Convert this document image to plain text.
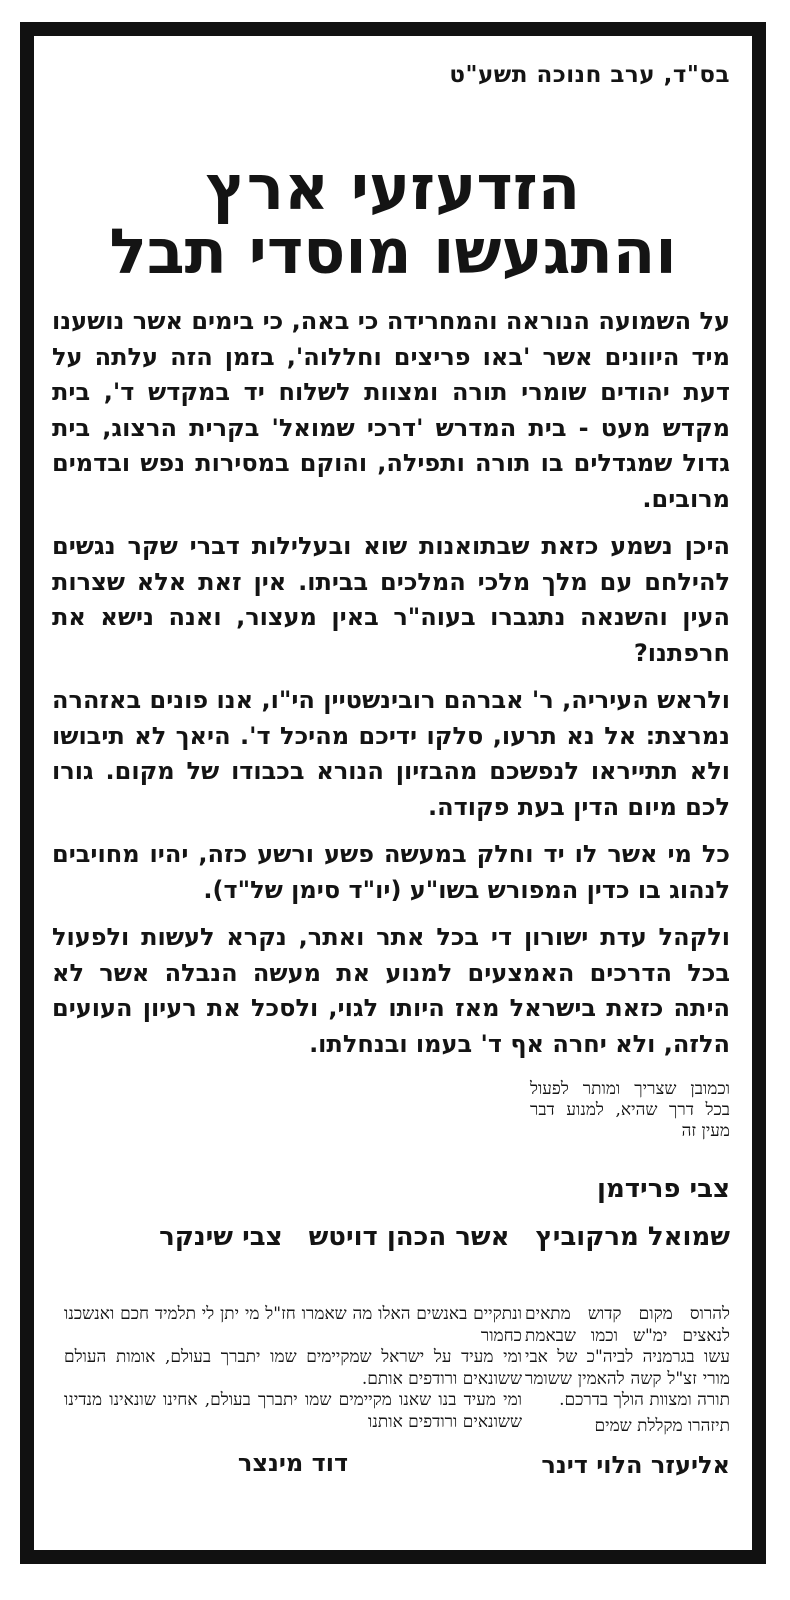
בס"ד, ערב חנוכה תשע"ט
הזדעזעי ארץ
והתגעשו מוסדי תבל

על השמועה הנוראה והמחרידה כי באה, כי בימים אשר נושענו מיד היוונים אשר 'באו פריצים וחללוה', בזמן הזה עלתה על דעת יהודים שומרי תורה ומצוות לשלוח יד במקדש ד', בית מקדש מעט - בית המדרש 'דרכי שמואל' בקרית הרצוג, בית גדול שמגדלים בו תורה ותפילה, והוקם במסירות נפש ובדמים מרובים.

היכן נשמע כזאת שבתואנות שוא ובעלילות דברי שקר נגשים להילחם עם מלך מלכי המלכים בביתו. אין זאת אלא שצרות העין והשנאה נתגברו בעוה"ר באין מעצור, ואנה נישא את חרפתנו?

ולראש העיריה, ר' אברהם רובינשטיין הי"ו, אנו פונים באזהרה נמרצת: אל נא תרעו, סלקו ידיכם מהיכל ד'. היאך לא תיבושו ולא תתייראו לנפשכם מהבזיון הנורא בכבודו של מקום. גורו לכם מיום הדין בעת פקודה.

כל מי אשר לו יד וחלק במעשה פשע ורשע כזה, יהיו מחויבים לנהוג בו כדין המפורש בשו"ע (יו"ד סימן של"ד).

ולקהל עדת ישורון די בכל אתר ואתר, נקרא לעשות ולפעול בכל הדרכים האמצעים למנוע את מעשה הנבלה אשר לא היתה כזאת בישראל מאז היותו לגוי, ולסכל את רעיון העועים הלזה, ולא יחרה אף ד' בעמו ובנחלתו.

וכמובן שצריך ומותר לפעול בכל דרך שהיא, למנוע דבר מעין זה
צבי פרידמן
שמואל מרקוביץ
אשר הכהן דויטש
צבי שינקר

להרוס מקום קדוש מתאים לנאצים ימ"ש וכמו שבאמת עשו בגרמניה לביה"כ של אבי מורי זצ"ל קשה להאמין ששומר תורה ומצוות הולך בדרכם.

תיזהרו מקללת שמים

אליעזר הלוי דינר

ונתקיים באנשים האלו מה שאמרו חז"ל מי יתן לי תלמיד חכם ואנשכנו כחמור

ומי מעיד על ישראל שמקיימים שמו יתברך בעולם, אומות העולם ששונאים ורודפים אותם.

ומי מעיד בנו שאנו מקיימים שמו יתברך בעולם, אחינו שונאינו מנדינו ששונאים ורודפים אותנו

דוד מינצר
